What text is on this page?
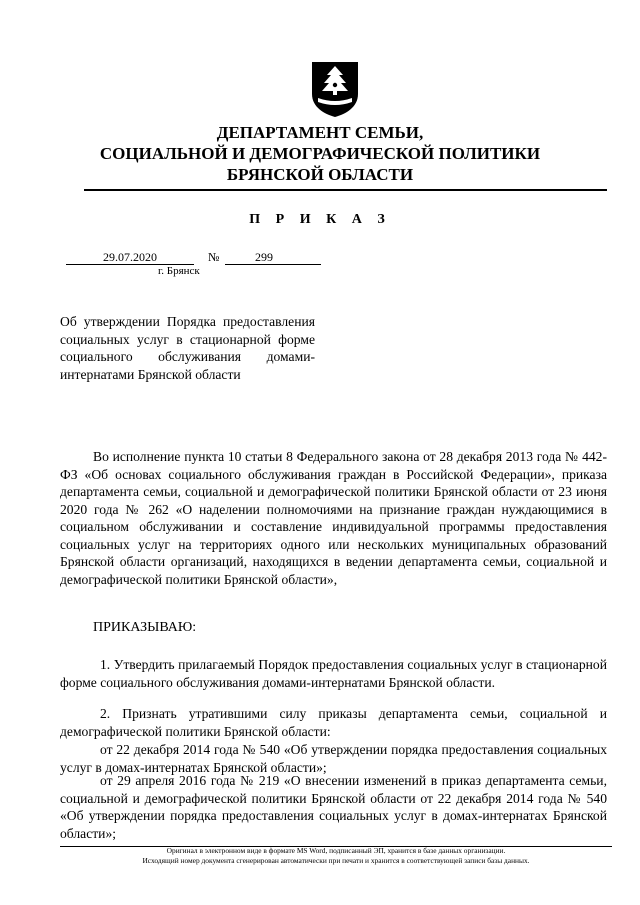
ДЕПАРТАМЕНТ СЕМЬИ,
СОЦИАЛЬНОЙ И ДЕМОГРАФИЧЕСКОЙ ПОЛИТИКИ
БРЯНСКОЙ ОБЛАСТИ
П Р И К А З
29.07.2020	№	299
г. Брянск
Об утверждении Порядка предоставления социальных услуг в стационарной форме социального обслуживания домами-интернатами Брянской области
Во исполнение пункта 10 статьи 8 Федерального закона от 28 декабря 2013 года № 442-ФЗ «Об основах социального обслуживания граждан в Российской Федерации», приказа департамента семьи, социальной и демографической политики Брянской области от 23 июня 2020 года № 262 «О наделении полномочиями на признание граждан нуждающимися в социальном обслуживании и составление индивидуальной программы предоставления социальных услуг на территориях одного или нескольких муниципальных образований Брянской области организаций, находящихся в ведении департамента семьи, социальной и демографической политики Брянской области»,
ПРИКАЗЫВАЮ:
1. Утвердить прилагаемый Порядок предоставления социальных услуг в стационарной форме социального обслуживания домами-интернатами Брянской области.
2. Признать утратившими силу приказы департамента семьи, социальной и демографической политики Брянской области:
от 22 декабря 2014 года № 540 «Об утверждении порядка предоставления социальных услуг в домах-интернатах Брянской области»;
от 29 апреля 2016 года № 219 «О внесении изменений в приказ департамента семьи, социальной и демографической политики Брянской области от 22 декабря 2014 года № 540 «Об утверждении порядка предоставления социальных услуг в домах-интернатах Брянской области»;
Оригинал в электронном виде в формате MS Word, подписанный ЭП, хранится в базе данных организации.
Исходящий номер документа сгенерирован автоматически при печати и хранится в соответствующей записи базы данных.
